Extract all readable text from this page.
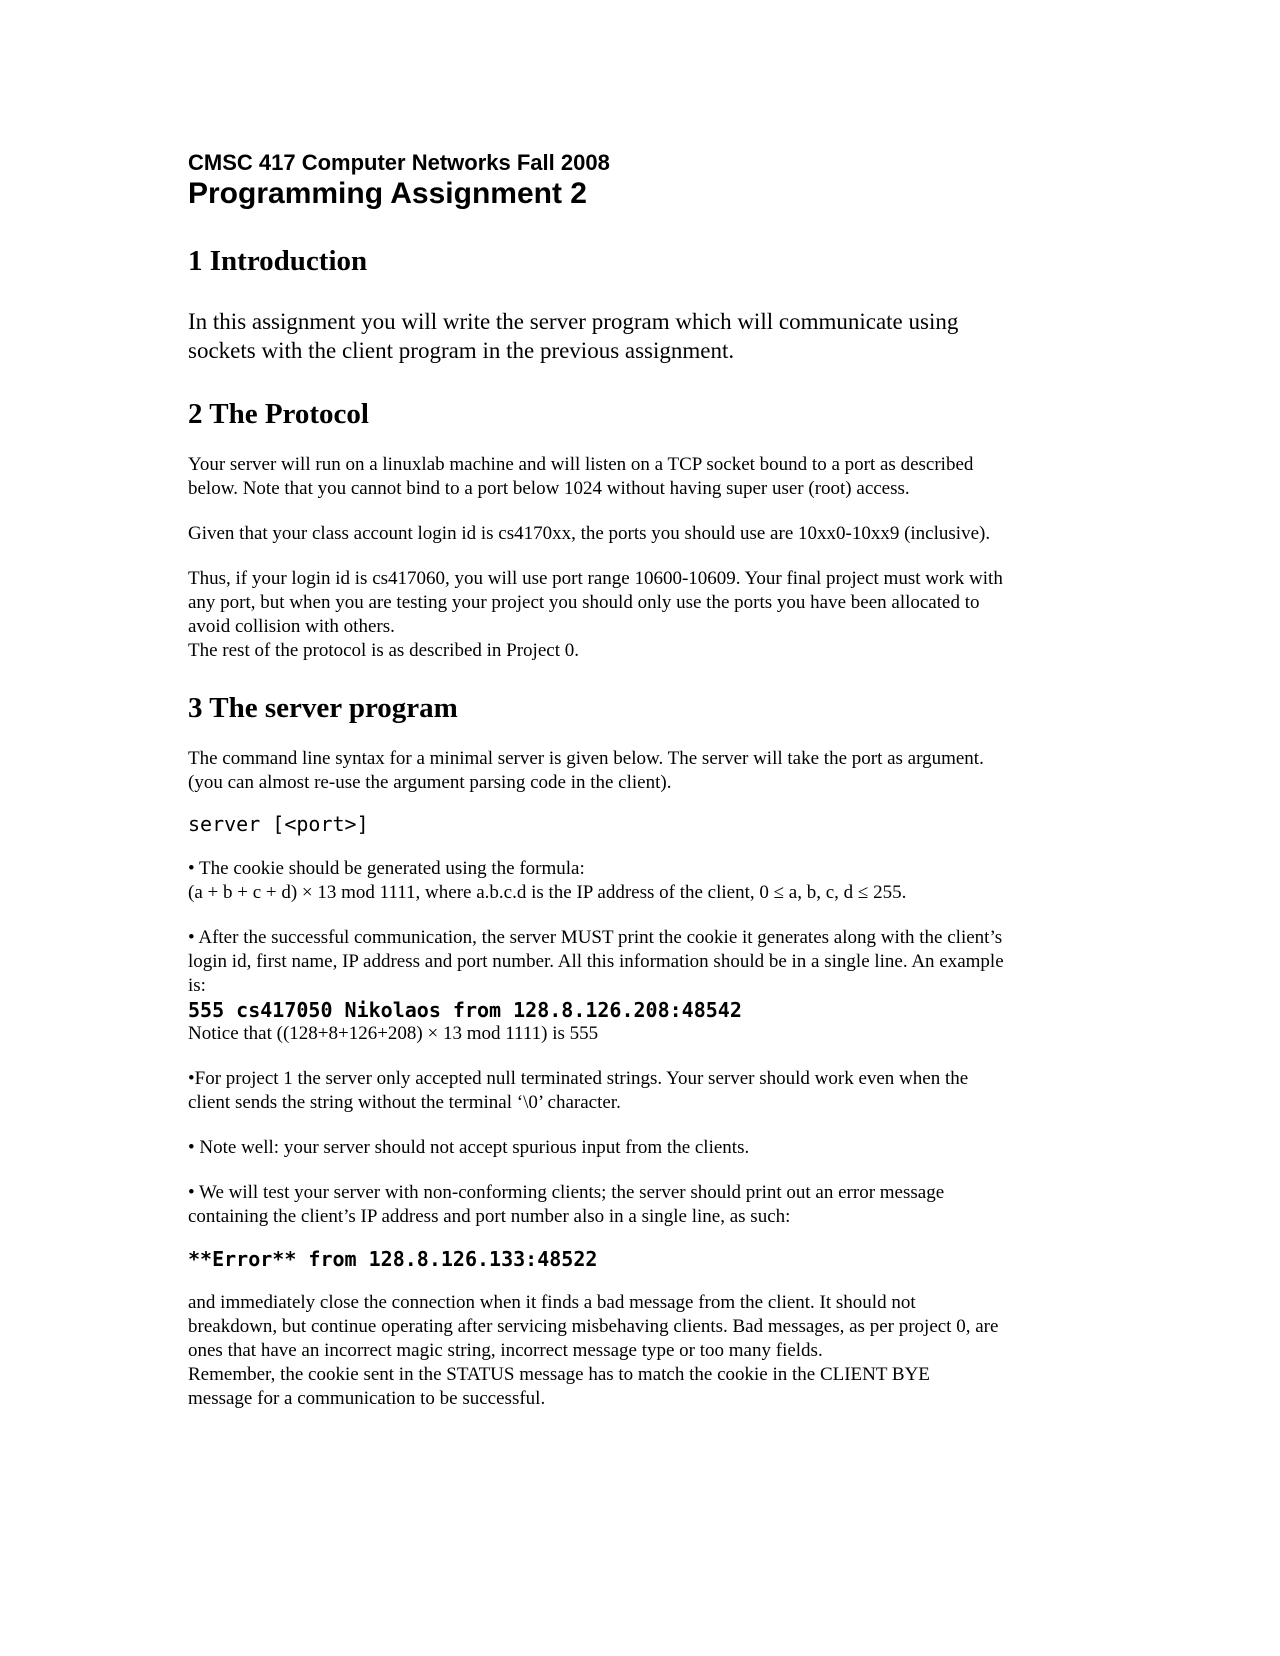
CMSC 417 Computer Networks Fall 2008
Programming Assignment 2
1 Introduction
In this assignment you will write the server program which will communicate using
sockets with the client program in the previous assignment.
2 The Protocol
Your server will run on a linuxlab machine and will listen on a TCP socket bound to a port as described
below. Note that you cannot bind to a port below 1024 without having super user (root) access.
Given that your class account login id is cs4170xx, the ports you should use are 10xx0-10xx9 (inclusive).
Thus, if your login id is cs417060, you will use port range 10600-10609. Your final project must work with
any port, but when you are testing your project you should only use the ports you have been allocated to
avoid collision with others.
The rest of the protocol is as described in Project 0.
3 The server program
The command line syntax for a minimal server is given below. The server will take the port as argument.
(you can almost re-use the argument parsing code in the client).
server [<port>]
• The cookie should be generated using the formula:
(a + b + c + d) × 13 mod 1111, where a.b.c.d is the IP address of the client, 0 ≤ a, b, c, d ≤ 255.
• After the successful communication, the server MUST print the cookie it generates along with the client’s
login id, first name, IP address and port number. All this information should be in a single line. An example
is:
555 cs417050 Nikolaos from 128.8.126.208:48542
Notice that ((128+8+126+208) × 13 mod 1111) is 555
•For project 1 the server only accepted null terminated strings. Your server should work even when the
client sends the string without the terminal ‘\0’ character.
• Note well: your server should not accept spurious input from the clients.
• We will test your server with non-conforming clients; the server should print out an error message
containing the client’s IP address and port number also in a single line, as such:
**Error** from 128.8.126.133:48522
and immediately close the connection when it finds a bad message from the client. It should not
breakdown, but continue operating after servicing misbehaving clients. Bad messages, as per project 0, are
ones that have an incorrect magic string, incorrect message type or too many fields.
Remember, the cookie sent in the STATUS message has to match the cookie in the CLIENT BYE
message for a communication to be successful.
